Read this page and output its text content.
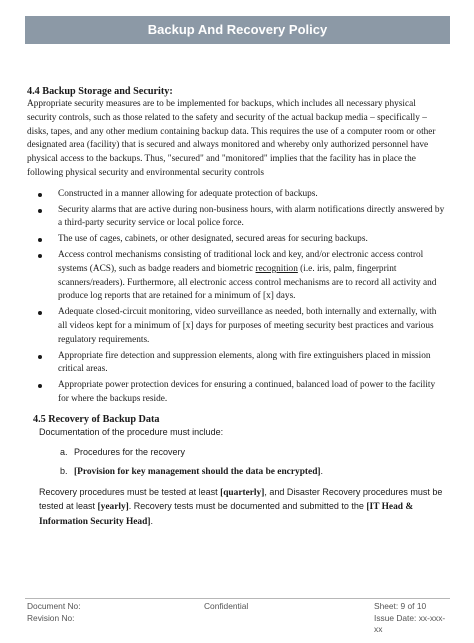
Backup And Recovery Policy

4.4 Backup Storage and Security:

Appropriate security measures are to be implemented for backups, which includes all necessary physical security controls, such as those related to the safety and security of the actual backup media – specifically – disks, tapes, and any other medium containing backup data. This requires the use of a computer room or other designated area (facility) that is secured and always monitored and whereby only authorized personnel have physical access to the backups. Thus, "secured" and "monitored" implies that the facility has in place the following physical security and environmental security controls

Constructed in a manner allowing for adequate protection of backups.
Security alarms that are active during non-business hours, with alarm notifications directly answered by a third-party security service or local police force.
The use of cages, cabinets, or other designated, secured areas for securing backups.
Access control mechanisms consisting of traditional lock and key, and/or electronic access control systems (ACS), such as badge readers and biometric recognition (i.e. iris, palm, fingerprint scanners/readers). Furthermore, all electronic access control mechanisms are to record all activity and produce log reports that are retained for a minimum of [x] days.
Adequate closed-circuit monitoring, video surveillance as needed, both internally and externally, with all videos kept for a minimum of [x] days for purposes of meeting security best practices and various regulatory requirements.
Appropriate fire detection and suppression elements, along with fire extinguishers placed in mission critical areas.
Appropriate power protection devices for ensuring a continued, balanced load of power to the facility for where the backups reside.

4.5 Recovery of Backup Data

Documentation of the procedure must include:

a. Procedures for the recovery
b. [Provision for key management should the data be encrypted].

Recovery procedures must be tested at least [quarterly], and Disaster Recovery procedures must be tested at least [yearly]. Recovery tests must be documented and submitted to the [IT Head & Information Security Head].

Document No:	Confidential	Sheet: 9 of 10
Revision No:	Issue Date: xx-xxx-xx
